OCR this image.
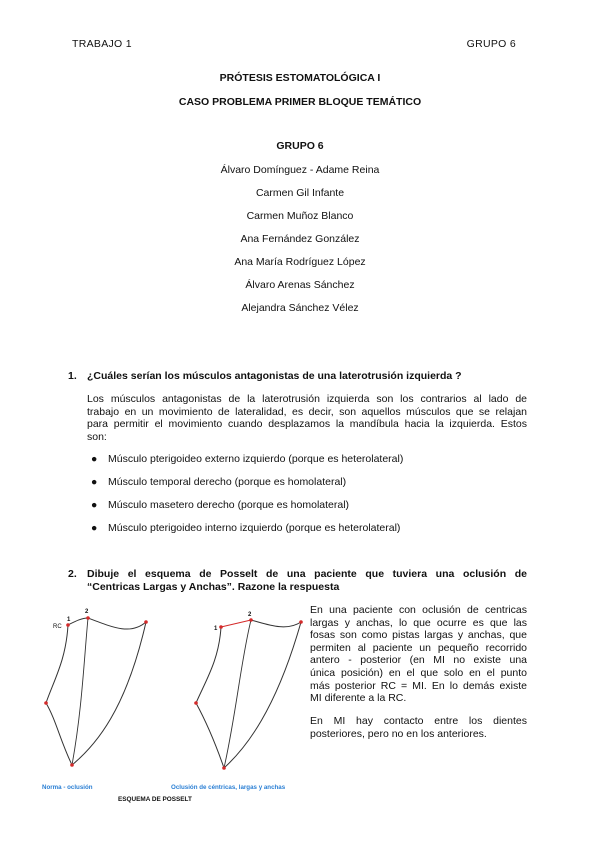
TRABAJO 1	GRUPO 6
PRÓTESIS ESTOMATOLÓGICA I
CASO PROBLEMA PRIMER BLOQUE TEMÁTICO
GRUPO 6
Álvaro Domínguez - Adame Reina
Carmen Gil Infante
Carmen Muñoz Blanco
Ana Fernández González
Ana María Rodríguez López
Álvaro Arenas Sánchez
Alejandra Sánchez Vélez
1. ¿Cuáles serían los músculos antagonistas de una laterotrusión izquierda ?
Los músculos antagonistas de la laterotrusión izquierda son los contrarios al lado de
trabajo en un movimiento de lateralidad, es decir, son aquellos músculos que se relajan
para permitir el movimiento cuando desplazamos la mandíbula hacia la izquierda. Estos
son:
● Músculo pterigoideo externo izquierdo (porque es heterolateral)
● Músculo temporal derecho (porque es homolateral)
● Músculo masetero derecho (porque es homolateral)
● Músculo pterigoideo interno izquierdo (porque es heterolateral)
2. Dibuje el esquema de Posselt de una paciente que tuviera una oclusión de
“Centricas Largas y Anchas”. Razone la respuesta
En una paciente con oclusión de centricas
largas y anchas, lo que ocurre es que las
fosas son como pistas largas y anchas, que
permiten al paciente un pequeño recorrido
antero - posterior (en MI no existe una
única posición) en el que solo en el punto
más posterior RC = MI. En lo demás existe
MI diferente a la RC.
En MI hay contacto entre los dientes
posteriores, pero no en los anteriores.
RC
1
2
1
2
Norma - oclusión	Oclusión de céntricas, largas y anchas
ESQUEMA DE POSSELT
